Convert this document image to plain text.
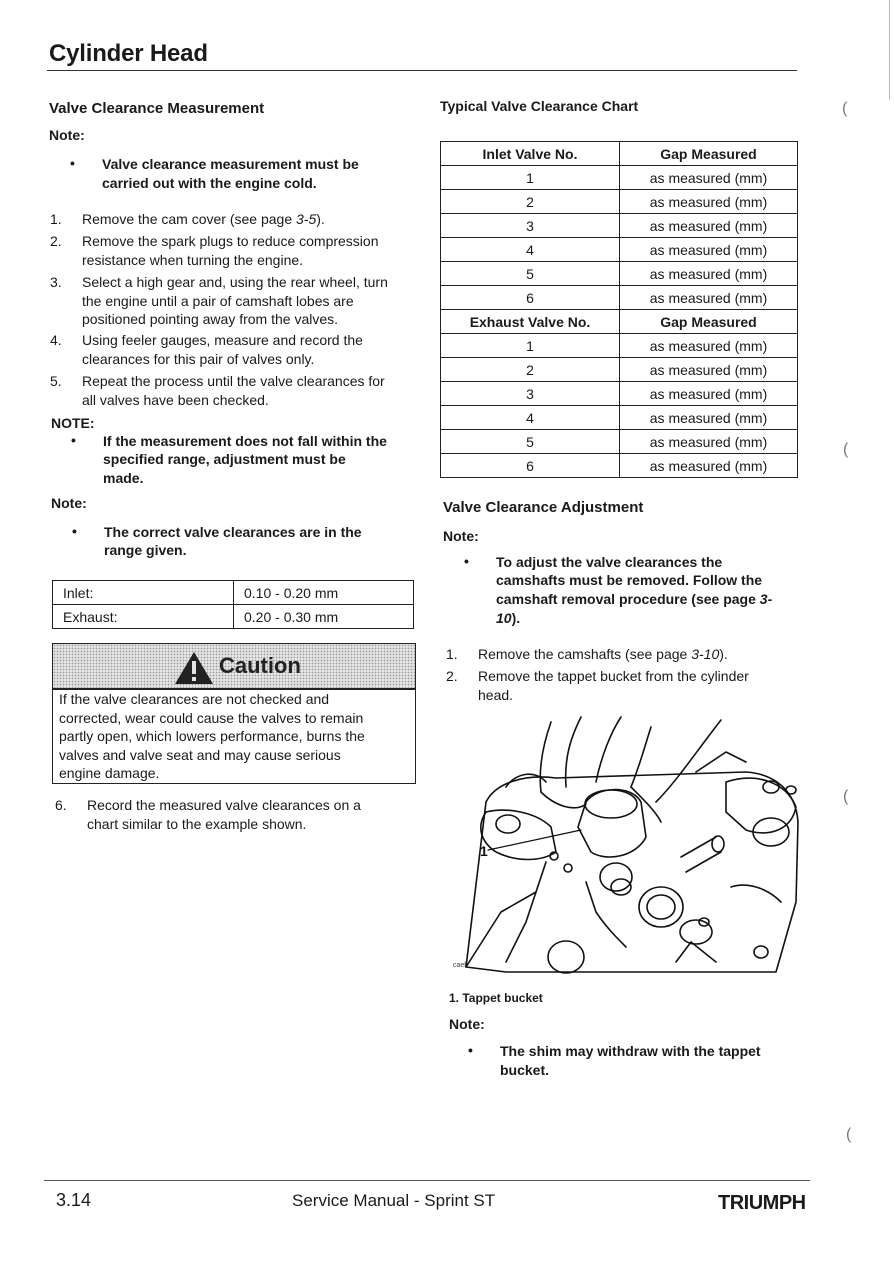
Cylinder Head
Valve Clearance Measurement
Note:
• Valve clearance measurement must be
carried out with the engine cold.
1. Remove the cam cover (see page 3-5).
2. Remove the spark plugs to reduce compression
resistance when turning the engine.
3. Select a high gear and, using the rear wheel, turn
the engine until a pair of camshaft lobes are
positioned pointing away from the valves.
4. Using feeler gauges, measure and record the
clearances for this pair of valves only.
5. Repeat the process until the valve clearances for
all valves have been checked.
NOTE:
• If the measurement does not fall within the
specified range, adjustment must be
made.
Note:
• The correct valve clearances are in the
range given.
Inlet:	0.10 - 0.20 mm
Exhaust:	0.20 - 0.30 mm
Caution
If the valve clearances are not checked and
corrected, wear could cause the valves to remain
partly open, which lowers performance, burns the
valves and valve seat and may cause serious
engine damage.
6. Record the measured valve clearances on a
chart similar to the example shown.
Typical Valve Clearance Chart
Inlet Valve No.	Gap Measured
1	as measured (mm)
2	as measured (mm)
3	as measured (mm)
4	as measured (mm)
5	as measured (mm)
6	as measured (mm)
Exhaust Valve No.	Gap Measured
1	as measured (mm)
2	as measured (mm)
3	as measured (mm)
4	as measured (mm)
5	as measured (mm)
6	as measured (mm)
Valve Clearance Adjustment
Note:
• To adjust the valve clearances the
camshafts must be removed. Follow the
camshaft removal procedure (see page 3-
10).
1. Remove the camshafts (see page 3-10).
2. Remove the tappet bucket from the cylinder
head.
1
cael
1. Tappet bucket
Note:
• The shim may withdraw with the tappet
bucket.
(
(
(
(
3.14	Service Manual - Sprint ST	TRIUMPH
